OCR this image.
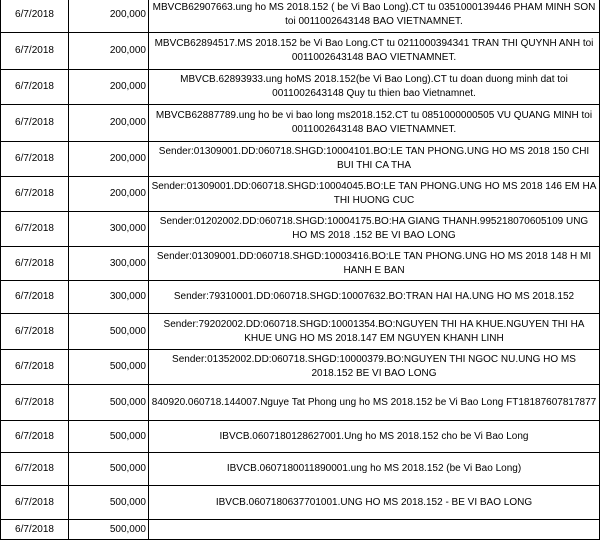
6/7/2018	200,000	MBVCB62907663.ung ho MS 2018.152 ( be Vi Bao Long).CT tu 0351000139446 PHAM MINH SON toi 0011002643148 BAO VIETNAMNET.
6/7/2018	200,000	MBVCB62894517.MS 2018.152 be Vi Bao Long.CT tu 0211000394341 TRAN THI QUYNH ANH toi 0011002643148 BAO VIETNAMNET.
6/7/2018	200,000	MBVCB.62893933.ung hoMS 2018.152(be Vi Bao Long).CT tu doan duong minh dat toi 0011002643148 Quy tu thien bao Vietnamnet.
6/7/2018	200,000	MBVCB62887789.ung ho be vi bao long ms2018.152.CT tu 0851000000505 VU QUANG MINH toi 0011002643148 BAO VIETNAMNET.
6/7/2018	200,000	Sender:01309001.DD:060718.SHGD:10004101.BO:LE TAN PHONG.UNG HO MS 2018 150 CHI BUI THI CA THA
6/7/2018	200,000	Sender:01309001.DD:060718.SHGD:10004045.BO:LE TAN PHONG.UNG HO MS 2018 146 EM HA THI HUONG CUC
6/7/2018	300,000	Sender:01202002.DD:060718.SHGD:10004175.BO:HA GIANG THANH.995218070605109 UNG HO MS 2018 .152 BE VI BAO LONG
6/7/2018	300,000	Sender:01309001.DD:060718.SHGD:10003416.BO:LE TAN PHONG.UNG HO MS 2018 148 H MI HANH E BAN
6/7/2018	300,000	Sender:79310001.DD:060718.SHGD:10007632.BO:TRAN HAI HA.UNG HO MS 2018.152
6/7/2018	500,000	Sender:79202002.DD:060718.SHGD:10001354.BO:NGUYEN THI HA KHUE.NGUYEN THI HA KHUE UNG HO MS 2018.147 EM NGUYEN KHANH LINH
6/7/2018	500,000	Sender:01352002.DD:060718.SHGD:10000379.BO:NGUYEN THI NGOC NU.UNG HO MS 2018.152 BE VI BAO LONG
6/7/2018	500,000	840920.060718.144007.Nguye Tat Phong ung ho MS 2018.152 be Vi Bao Long FT18187607817877
6/7/2018	500,000	IBVCB.0607180128627001.Ung ho MS 2018.152 cho be Vi Bao Long
6/7/2018	500,000	IBVCB.0607180011890001.ung ho MS 2018.152 (be Vi Bao Long)
6/7/2018	500,000	IBVCB.0607180637701001.UNG HO MS 2018.152 - BE VI BAO LONG
6/7/2018	500,000	
